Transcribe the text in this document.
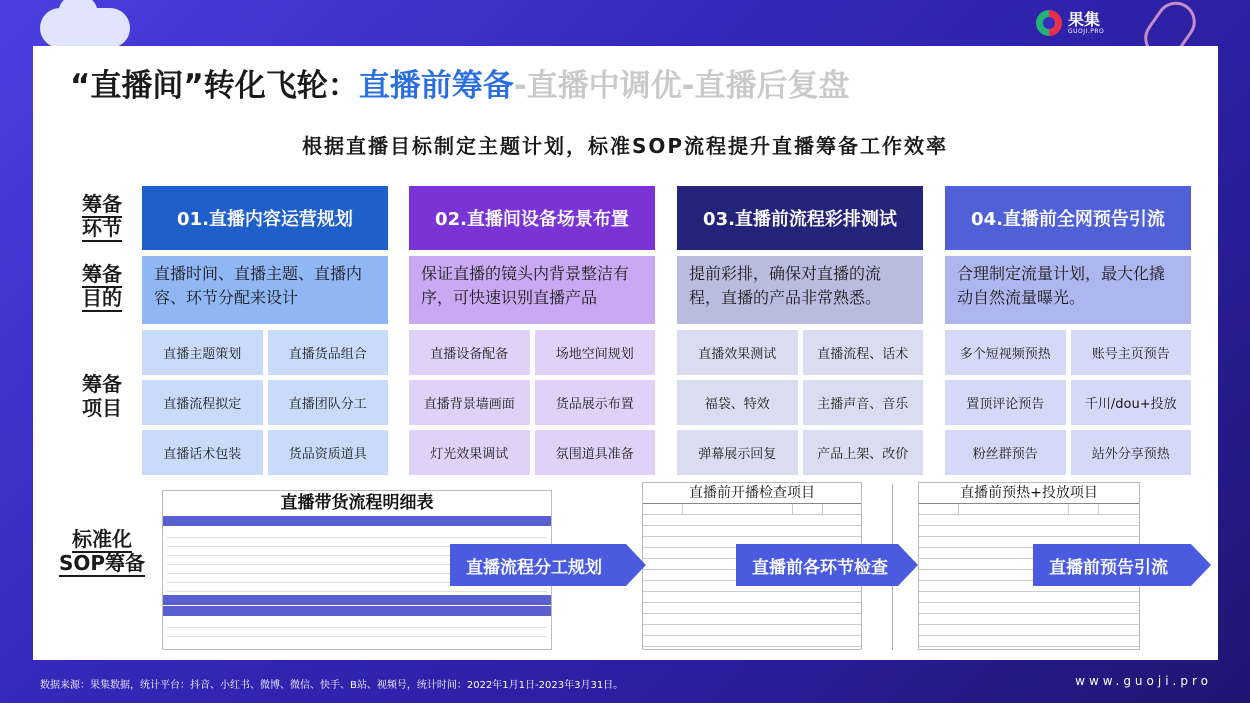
果集
GUOJI.PRO
“直播间”转化飞轮：直播前筹备-直播中调优-直播后复盘
根据直播目标制定主题计划，标准SOP流程提升直播筹备工作效率
筹备
环节
筹备
目的
筹备
项目
标准化
SOP筹备
01.直播内容运营规划
直播时间、直播主题、直播内容、环节分配来设计
直播主题策划	直播货品组合
直播流程拟定	直播团队分工
直播话术包装	货品资质道具
02.直播间设备场景布置
保证直播的镜头内背景整洁有序，可快速识别直播产品
直播设备配备	场地空间规划
直播背景墙画面	货品展示布置
灯光效果调试	氛围道具准备
03.直播前流程彩排测试
提前彩排，确保对直播的流程，直播的产品非常熟悉。
直播效果测试	直播流程、话术
福袋、特效	主播声音、音乐
弹幕展示回复	产品上架、改价
04.直播前全网预告引流
合理制定流量计划，最大化撬动自然流量曝光。
多个短视频预热	账号主页预告
置顶评论预告	千川/dou+投放
粉丝群预告	站外分享预热
直播带货流程明细表	直播前开播检查项目	直播前预热+投放项目
直播流程分工规划	直播前各环节检查	直播前预告引流
数据来源：果集数据，统计平台：抖音、小红书、微博、微信、快手、B站、视频号，统计时间：2022年1月1日-2023年3月31日。	www.guoji.pro
